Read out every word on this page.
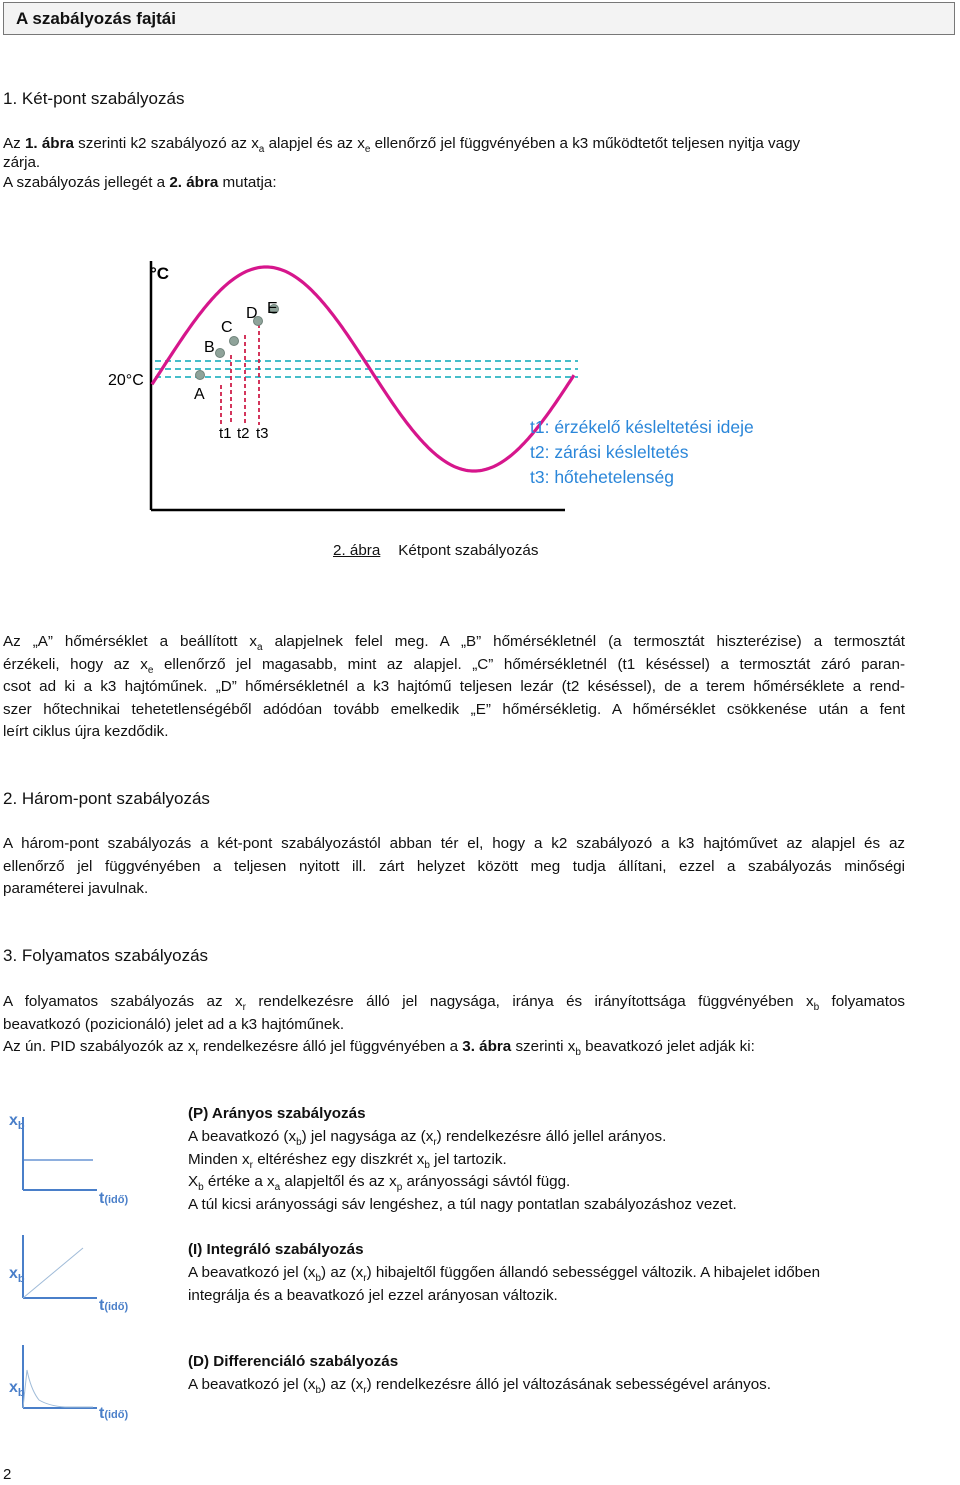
A szabályozás fajtái
1. Két-pont szabályozás
Az 1. ábra szerinti k2 szabályozó az $x_a$ alapjel és az $x_e$ ellenőrző jel függvényében a k3 működtetőt teljesen nyitja vagy
zárja.
A szabályozás jellegét a 2. ábra mutatja:
°C
20°C
A
B
C
D E
t1 t2 t3	t1: érzékelő késleltetési ideje
t2: zárási késleltetés
t3: hőtehetelenség
2. ábra Kétpont szabályozás
Az „A” hőmérséklet a beállított $x_a$ alapjelnek felel meg. A „B” hőmérsékletnél (a termosztát hiszterézise) a termosztát
érzékeli, hogy az $x_e$ ellenőrző jel magasabb, mint az alapjel. „C” hőmérsékletnél (t1 késéssel) a termosztát záró paran-
csot ad ki a k3 hajtóműnek. „D” hőmérsékletnél a k3 hajtómű teljesen lezár (t2 késéssel), de a terem hőmérséklete a rend-
szer hőtechnikai tehetetlenségéből adódóan tovább emelkedik „E” hőmérsékletig. A hőmérséklet csökkenése után a fent
leírt ciklus újra kezdődik.
2. Három-pont szabályozás
A három-pont szabályozás a két-pont szabályozástól abban tér el, hogy a k2 szabályozó a k3 hajtóművet az alapjel és az
ellenőrző jel függvényében a teljesen nyitott ill. zárt helyzet között meg tudja állítani, ezzel a szabályozás minőségi
paraméterei javulnak.
3. Folyamatos szabályozás
A folyamatos szabályozás az $x_r$ rendelkezésre álló jel nagysága, iránya és irányítottsága függvényében $x_b$ folyamatos
beavatkozó (pozicionáló) jelet ad a k3 hajtóműnek.
Az ún. PID szabályozók az $x_r$ rendelkezésre álló jel függvényében a 3. ábra szerinti $x_b$ beavatkozó jelet adják ki:
$x_b$
t(idő)
(P) Arányos szabályozás
A beavatkozó $(x_b)$ jel nagysága az $(x_r)$ rendelkezésre álló jellel arányos.
Minden $x_r$ eltéréshez egy diszkrét $x_b$ jel tartozik.
$X_b$ értéke a $x_a$ alapjeltől és az $x_p$ arányossági sávtól függ.
A túl kicsi arányossági sáv lengéshez, a túl nagy pontatlan szabályozáshoz vezet.
$x_b$
t(idő)
(I) Integráló szabályozás
A beavatkozó jel $(x_b)$ az $(x_r)$ hibajeltől függően állandó sebességgel változik. A hibajelet időben
integrálja és a beavatkozó jel ezzel arányosan változik.
$x_b$
t(idő)
(D) Differenciáló szabályozás
A beavatkozó jel $(x_b)$ az $(x_r)$ rendelkezésre álló jel változásának sebességével arányos.
2
